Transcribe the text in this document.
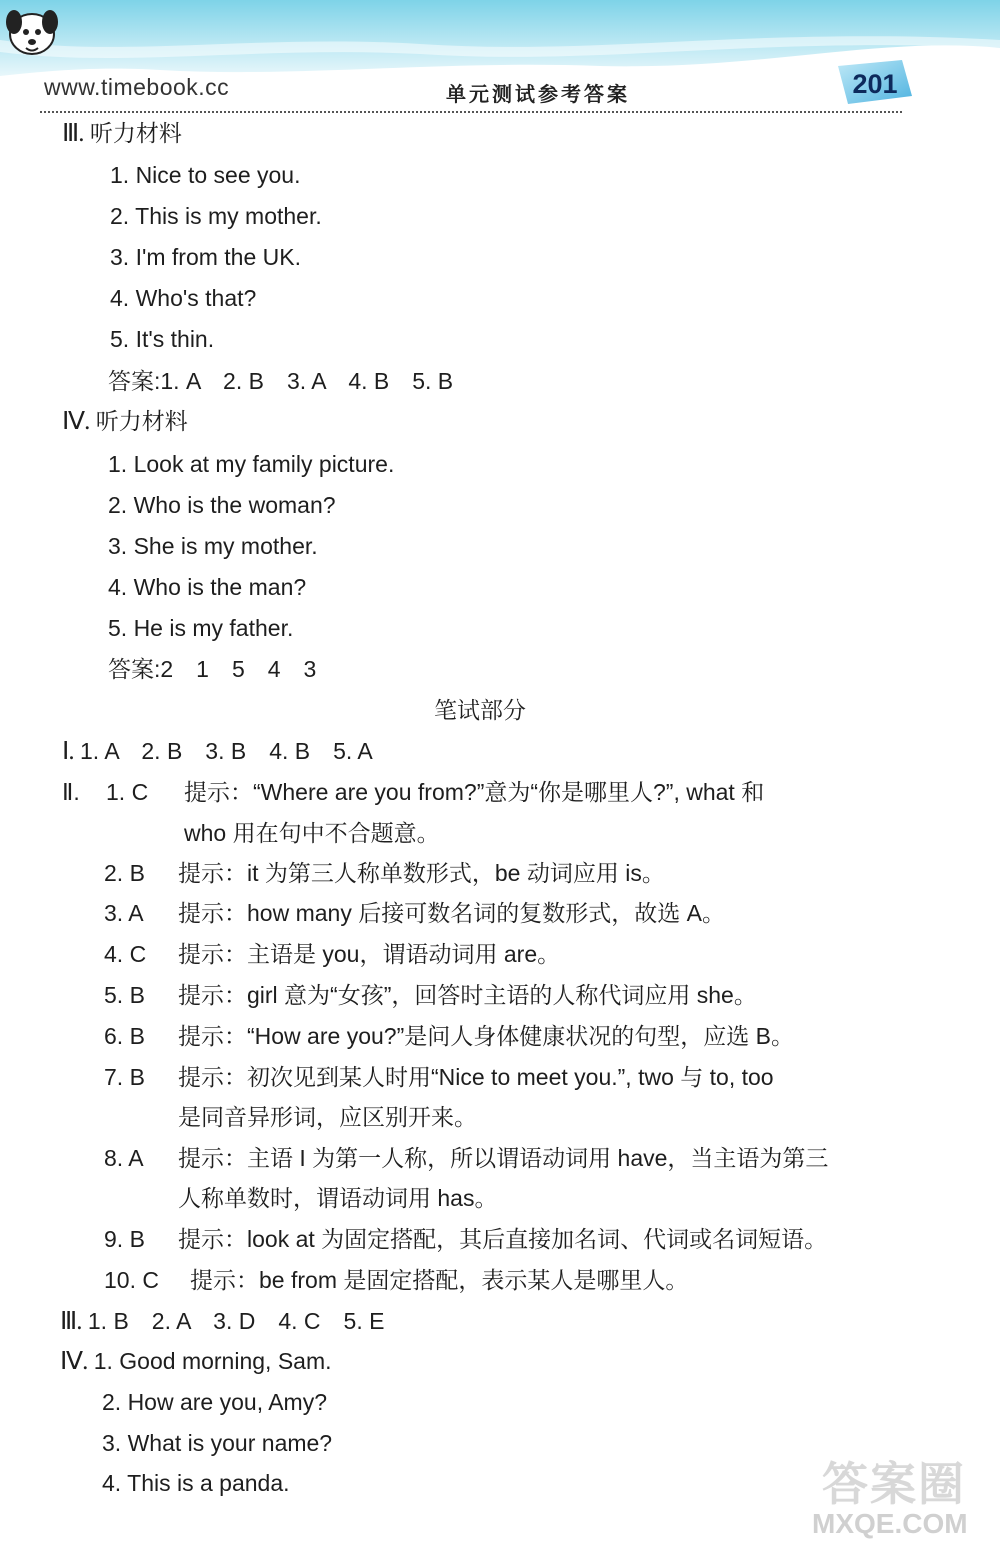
www.timebook.cc	单元测试参考答案	201
Ⅲ. 听力材料
1. Nice to see you.
2. This is my mother.
3. I'm from the UK.
4. Who's that?
5. It's thin.
答案:1. A　2. B　3. A　4. B　5. B
Ⅳ. 听力材料
1. Look at my family picture.
2. Who is the woman?
3. She is my mother.
4. Who is the man?
5. He is my father.
答案:2　1　5　4　3
笔试部分
Ⅰ. 1. A　2. B　3. B　4. B　5. A
Ⅱ. 1. C 提示：“Where are you from?”意为“你是哪里人?”, what 和
who 用在句中不合题意。
2. B 提示：it 为第三人称单数形式，be 动词应用 is。
3. A 提示：how many 后接可数名词的复数形式，故选 A。
4. C 提示：主语是 you，谓语动词用 are。
5. B 提示：girl 意为“女孩”，回答时主语的人称代词应用 she。
6. B 提示：“How are you?”是问人身体健康状况的句型，应选 B。
7. B 提示：初次见到某人时用“Nice to meet you.”, two 与 to, too
是同音异形词，应区别开来。
8. A 提示：主语 I 为第一人称，所以谓语动词用 have，当主语为第三
人称单数时，谓语动词用 has。
9. B 提示：look at 为固定搭配，其后直接加名词、代词或名词短语。
10. C 提示：be from 是固定搭配，表示某人是哪里人。
Ⅲ. 1. B　2. A　3. D　4. C　5. E
Ⅳ. 1. Good morning, Sam.
2. How are you, Amy?
3. What is your name?
4. This is a panda.	答案圈
MXQE.COM
